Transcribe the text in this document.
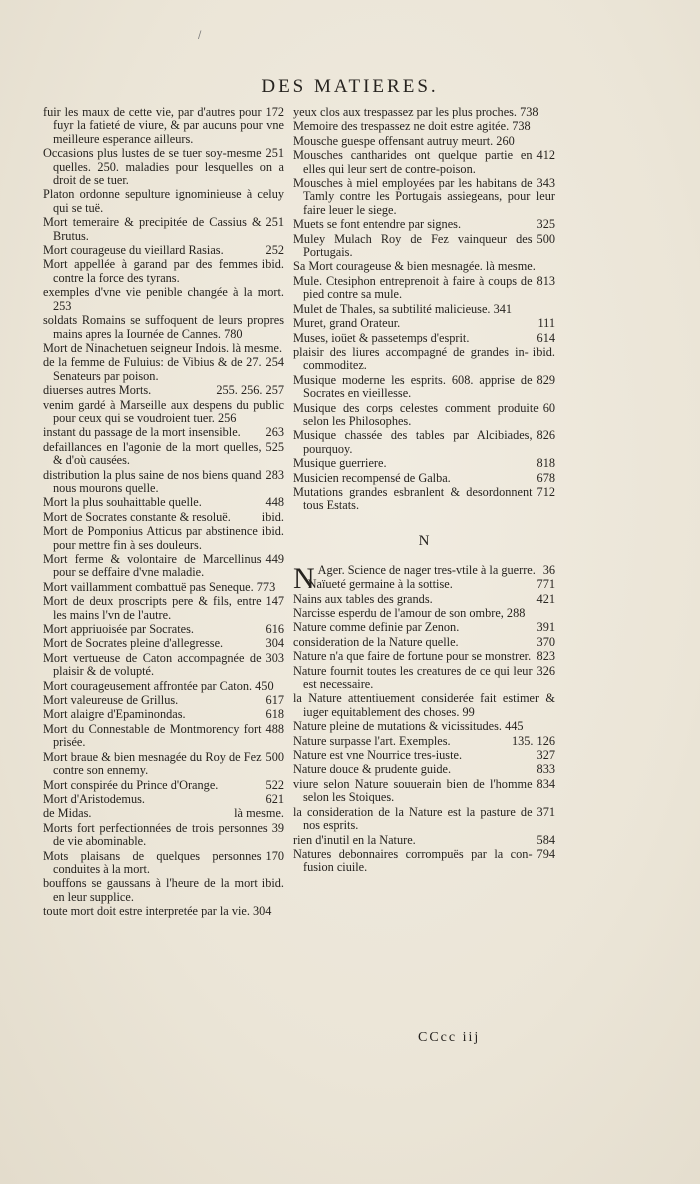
/
DES MATIERES.
172
fuir les maux de cette vie, par d'autres pour fuyr la fatieté de viure, & par aucuns pour vne meilleure esperance ailleurs.
251
Occasions plus lustes de se tuer soy-mesme quelles. 250. maladies pour lesquelles on a droit de se tuer.
Platon ordonne sepulture ignominieuse à celuy qui se tuë.
251
Mort temeraire & precipitée de Cassius & Brutus.
252
Mort courageuse du vieillard Rasias.
ibid.
Mort appellée à garand par des femmes contre la force des tyrans.
exemples d'vne vie penible changée à la mort. 253
soldats Romains se suffoquent de leurs propres mains apres la Iournée de Cannes. 780
Mort de Ninachetuen seigneur Indois. là mesme.
254
de la femme de Fuluius: de Vibius & de 27. Senateurs par poison.
255. 256. 257
diuerses autres Morts.
venim gardé à Marseille aux despens du public pour ceux qui se voudroient tuer. 256
263
instant du passage de la mort insensible.
525
defaillances en l'agonie de la mort quelles, & d'où causées.
283
distribution la plus saine de nos biens quand nous mourons quelle.
448
Mort la plus souhaittable quelle.
ibid.
Mort de Socrates constante & resoluë.
ibid.
Mort de Pomponius Atticus par abstinence pour mettre fin à ses douleurs.
449
Mort ferme & volontaire de Marcellinus pour se deffaire d'vne maladie.
Mort vaillamment combattuë pas Seneque. 773
147
Mort de deux proscripts pere & fils, entre les mains l'vn de l'autre.
616
Mort appriuoisée par Socrates.
304
Mort de Socrates pleine d'allegresse.
303
Mort vertueuse de Caton accompagnée de plaisir & de volupté.
Mort courageusement affrontée par Caton. 450
617
Mort valeureuse de Grillus.
618
Mort alaigre d'Epaminondas.
488
Mort du Connestable de Montmorency fort prisée.
500
Mort braue & bien mesnagée du Roy de Fez contre son ennemy.
522
Mort conspirée du Prince d'Orange.
621
Mort d'Aristodemus.
là mesme.
de Midas.
39
Morts fort perfectionnées de trois personnes de vie abominable.
170
Mots plaisans de quelques personnes conduites à la mort.
ibid.
bouffons se gaussans à l'heure de la mort en leur supplice.
toute mort doit estre interpretée par la vie. 304
yeux clos aux trespassez par les plus proches. 738
Memoire des trespassez ne doit estre agitée. 738
Mousche guespe offensant autruy meurt. 260
412
Mousches cantharides ont quelque partie en elles qui leur sert de contre-poison.
343
Mousches à miel employées par les habitans de Tamly contre les Portugais assiegeans, pour leur faire leuer le siege.
325
Muets se font entendre par signes.
500
Muley Mulach Roy de Fez vainqueur des Portugais.
Sa Mort courageuse & bien mesnagée. là mesme.
813
Mule. Ctesiphon entreprenoit à faire à coups de pied contre sa mule.
Mulet de Thales, sa subtilité malicieuse. 341
111
Muret, grand Orateur.
614
Muses, ioüet & passetemps d'esprit.
ibid.
plaisir des liures accompagné de grandes incommoditez.
829
Musique moderne les esprits. 608. apprise de Socrates en vieillesse.
60
Musique des corps celestes comment produite selon les Philosophes.
826
Musique chassée des tables par Alcibiades, pourquoy.
818
Musique guerriere.
678
Musicien recompensé de Galba.
712
Mutations grandes esbranlent & desordonnent tous Estats.
N
N	36
Ager. Science de nager tres-vtile à la guerre.
771
Naïueté germaine à la sottise.
421
Nains aux tables des grands.
Narcisse esperdu de l'amour de son ombre, 288
391
Nature comme definie par Zenon.
370
consideration de la Nature quelle.
823
Nature n'a que faire de fortune pour se monstrer.
326
Nature fournit toutes les creatures de ce qui leur est necessaire.
la Nature attentiuement considerée fait estimer & iuger equitablement des choses. 99
Nature pleine de mutations & vicissitudes. 445
135. 126
Nature surpasse l'art. Exemples.
327
Nature est vne Nourrice tres-iuste.
833
Nature douce & prudente guide.
834
viure selon Nature souuerain bien de l'homme selon les Stoiques.
371
la consideration de la Nature est la pasture de nos esprits.
584
rien d'inutil en la Nature.
794
Natures debonnaires corrompuës par la confusion ciuile.
CCcc iij
